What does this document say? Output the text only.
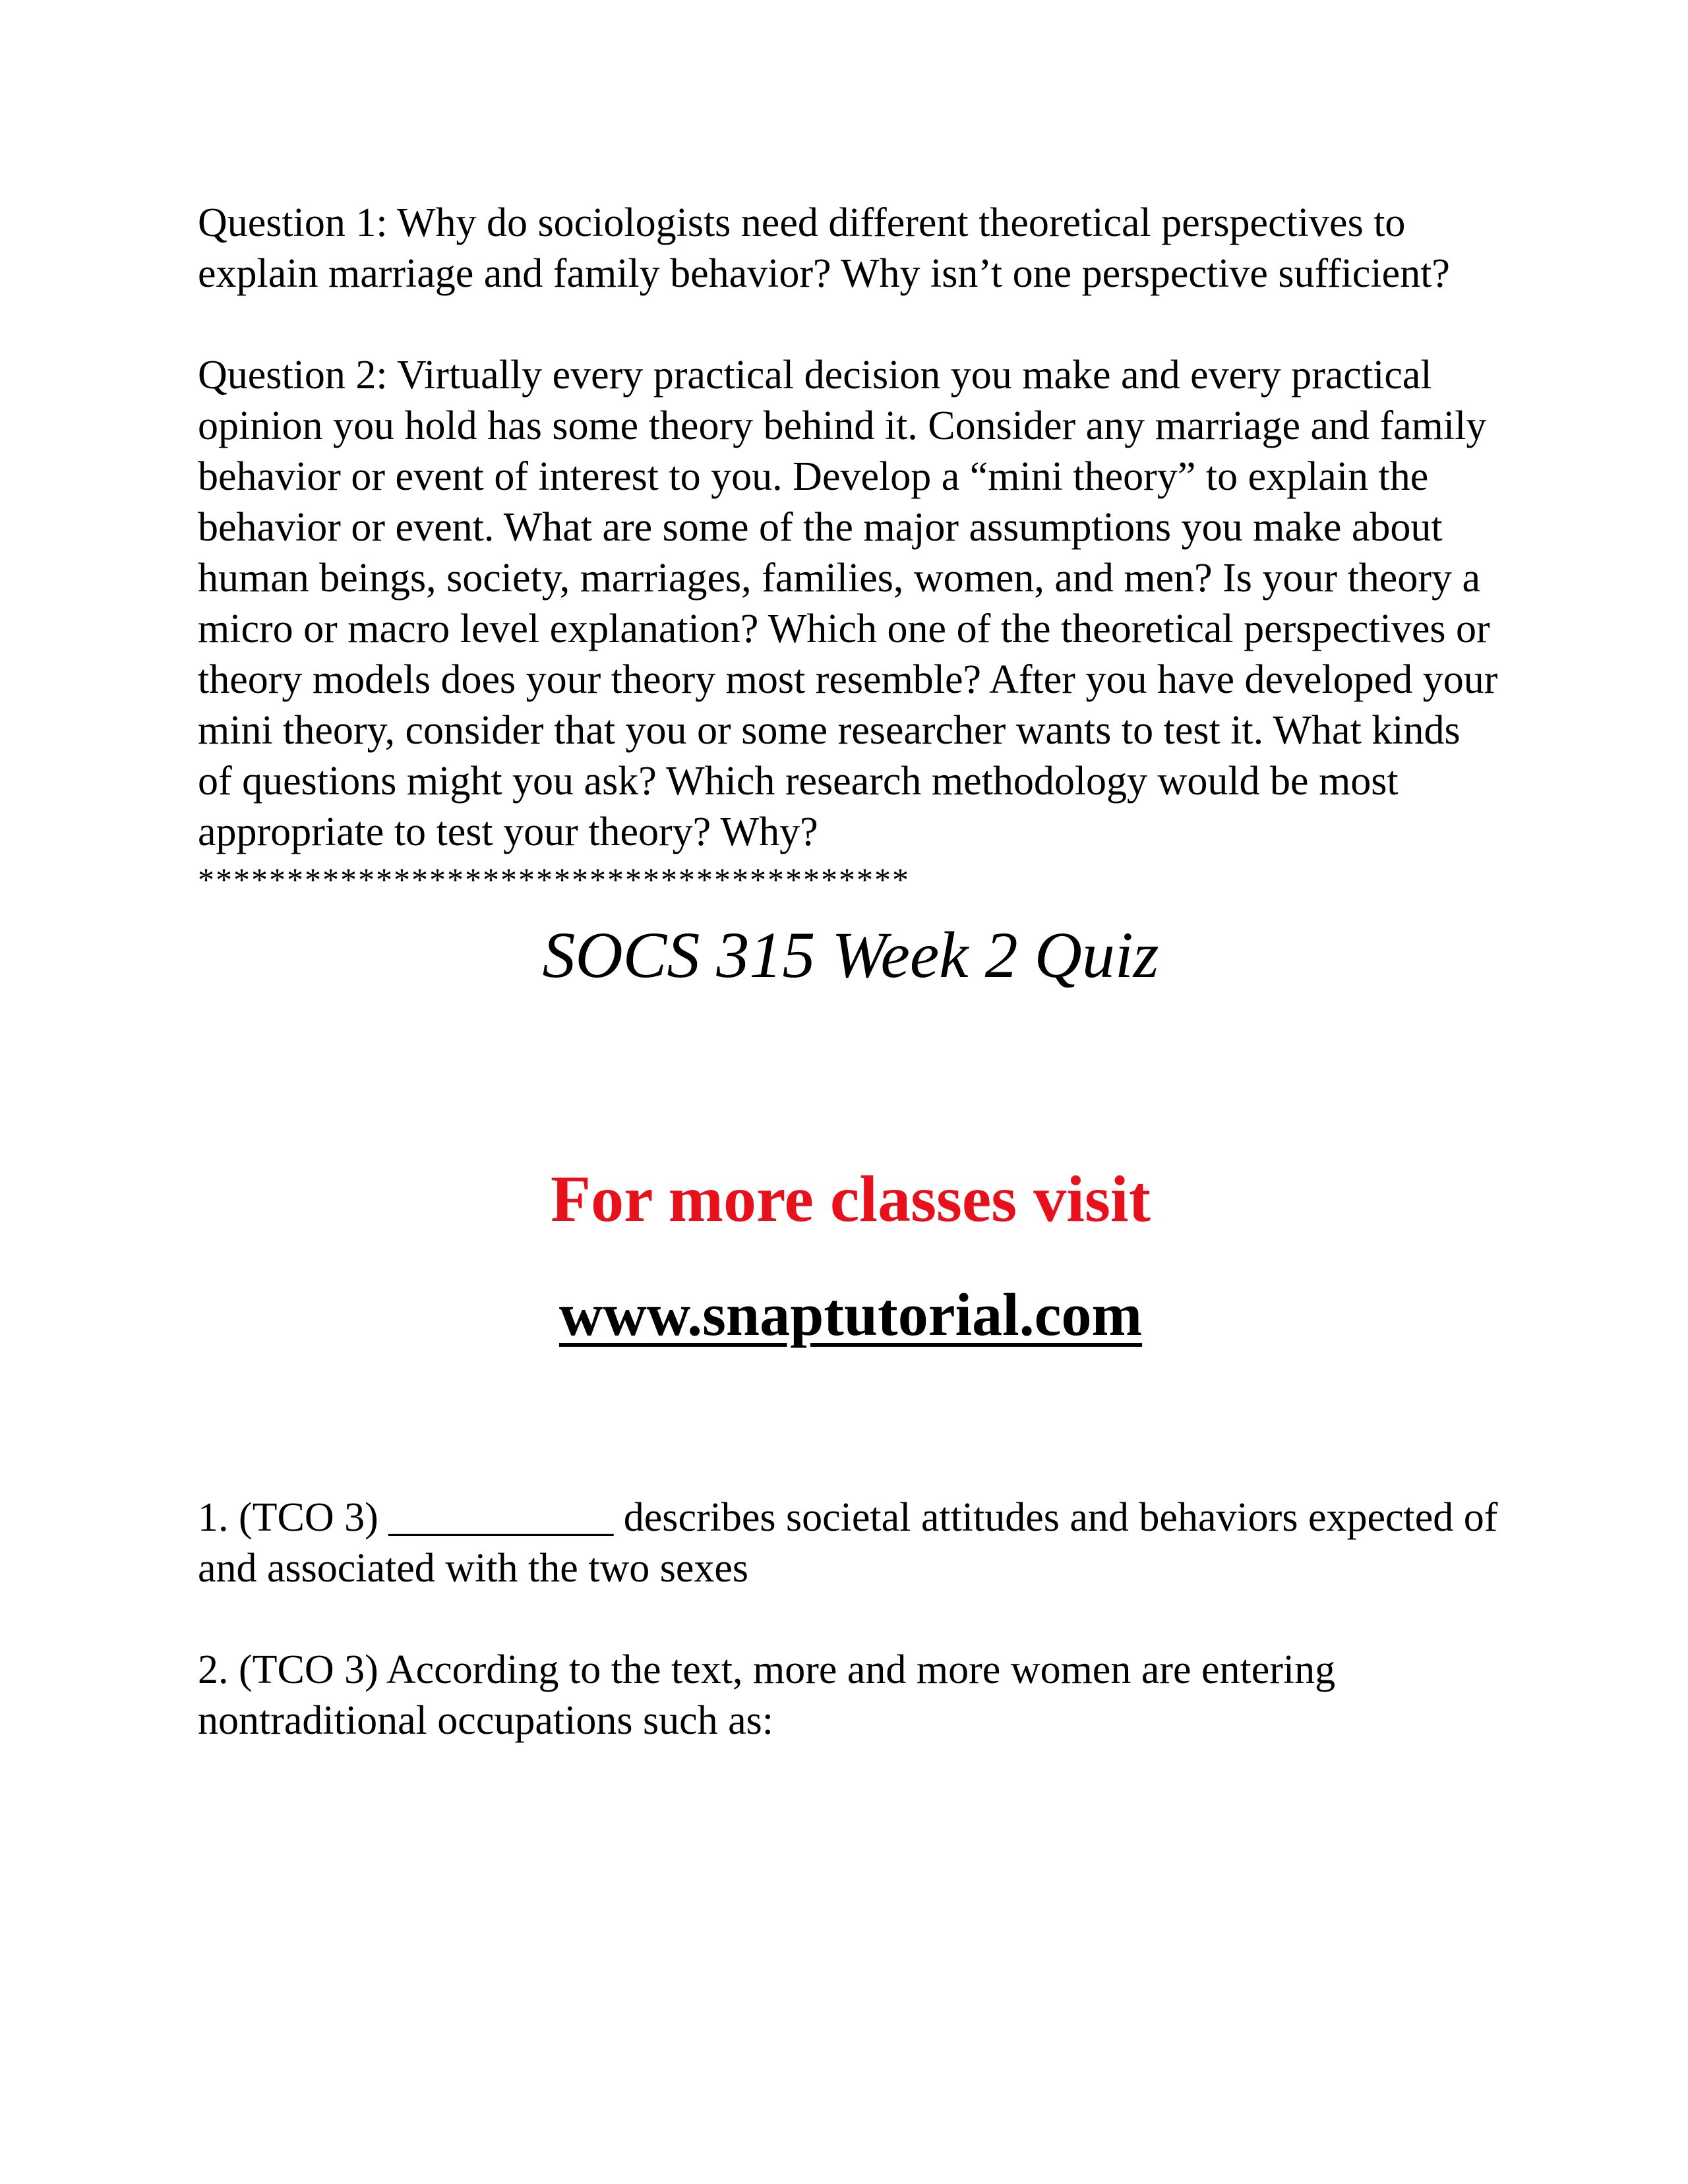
Question 1: Why do sociologists need different theoretical perspectives to explain marriage and family behavior? Why isn’t one perspective sufficient?

Question 2: Virtually every practical decision you make and every practical opinion you hold has some theory behind it. Consider any marriage and family behavior or event of interest to you. Develop a “mini theory” to explain the behavior or event. What are some of the major assumptions you make about human beings, society, marriages, families, women, and men? Is your theory a micro or macro level explanation? Which one of the theoretical perspectives or theory models does your theory most resemble? After you have developed your mini theory, consider that you or some researcher wants to test it. What kinds of questions might you ask? Which research methodology would be most appropriate to test your theory? Why?

****************************************
SOCS 315 Week 2 Quiz
For more classes visit
www.snaptutorial.com

1. (TCO 3) ___________ describes societal attitudes and behaviors expected of and associated with the two sexes

2. (TCO 3) According to the text, more and more women are entering nontraditional occupations such as:
